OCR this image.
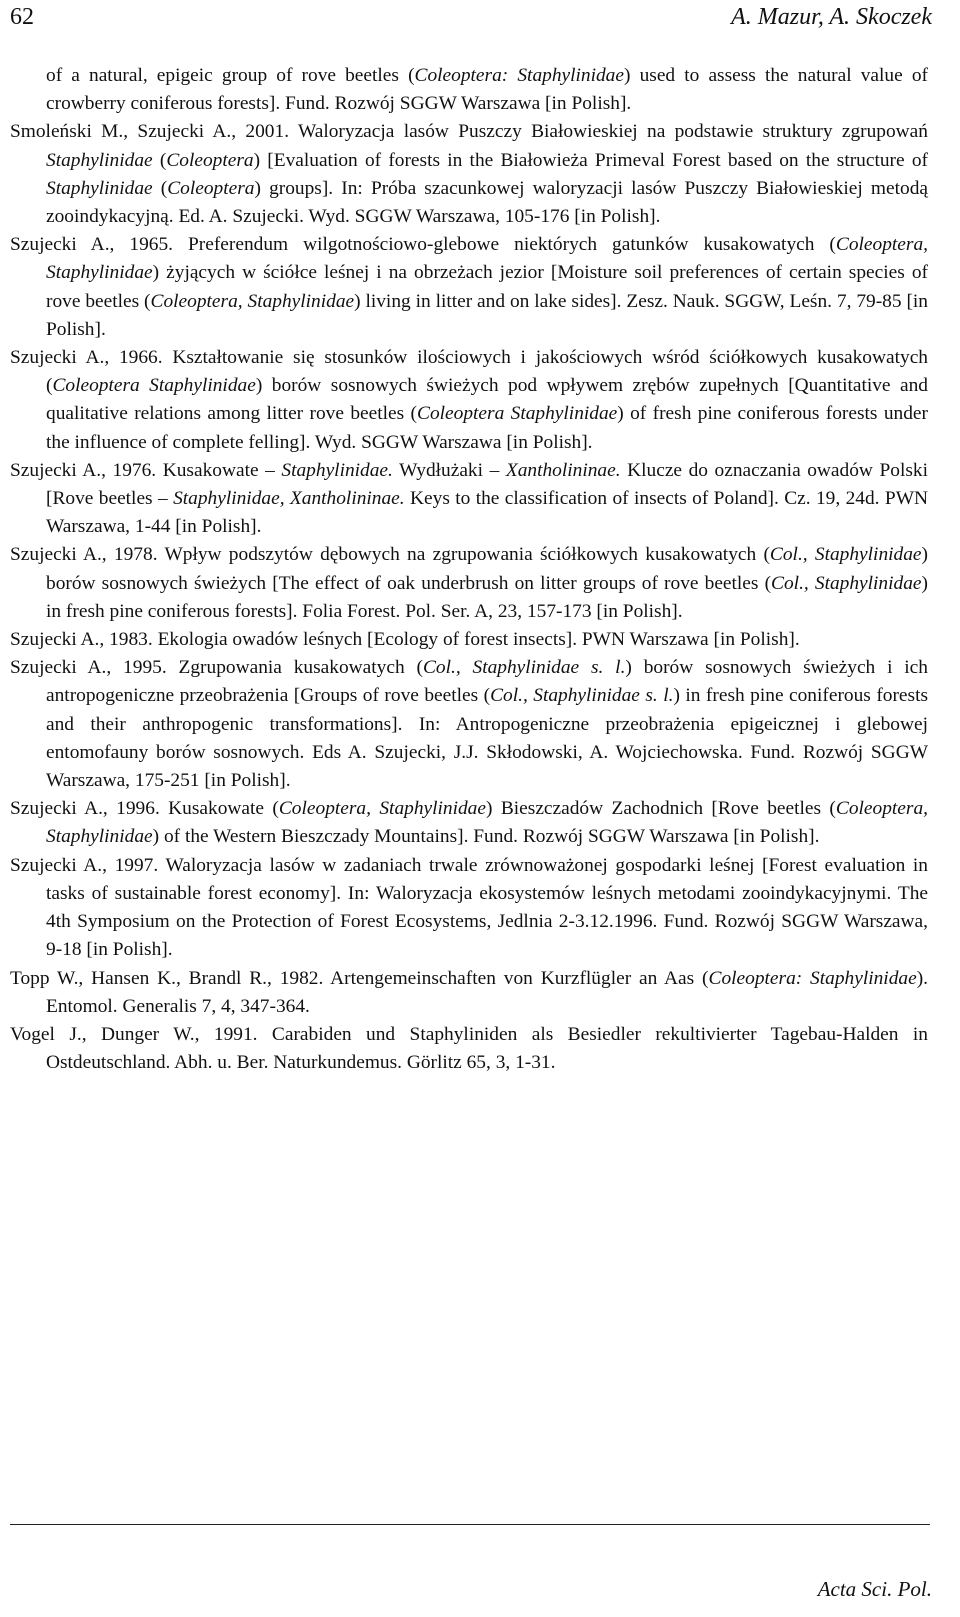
62	A. Mazur, A. Skoczek

of a natural, epigeic group of rove beetles (Coleoptera: Staphylinidae) used to assess the natural value of crowberry coniferous forests]. Fund. Rozwój SGGW Warszawa [in Polish].

Smoleński M., Szujecki A., 2001. Waloryzacja lasów Puszczy Białowieskiej na podstawie struktury zgrupowań Staphylinidae (Coleoptera) [Evaluation of forests in the Białowieża Primeval Forest based on the structure of Staphylinidae (Coleoptera) groups]. In: Próba szacunkowej waloryzacji lasów Puszczy Białowieskiej metodą zooindykacyjną. Ed. A. Szujecki. Wyd. SGGW Warszawa, 105-176 [in Polish].

Szujecki A., 1965. Preferendum wilgotnościowo-glebowe niektórych gatunków kusakowatych (Coleoptera, Staphylinidae) żyjących w ściółce leśnej i na obrzeżach jezior [Moisture soil preferences of certain species of rove beetles (Coleoptera, Staphylinidae) living in litter and on lake sides]. Zesz. Nauk. SGGW, Leśn. 7, 79-85 [in Polish].

Szujecki A., 1966. Kształtowanie się stosunków ilościowych i jakościowych wśród ściółkowych kusakowatych (Coleoptera Staphylinidae) borów sosnowych świeżych pod wpływem zrębów zupełnych [Quantitative and qualitative relations among litter rove beetles (Coleoptera Staphylinidae) of fresh pine coniferous forests under the influence of complete felling]. Wyd. SGGW Warszawa [in Polish].

Szujecki A., 1976. Kusakowate – Staphylinidae. Wydłużaki – Xantholininae. Klucze do oznaczania owadów Polski [Rove beetles – Staphylinidae, Xantholininae. Keys to the classification of insects of Poland]. Cz. 19, 24d. PWN Warszawa, 1-44 [in Polish].

Szujecki A., 1978. Wpływ podszytów dębowych na zgrupowania ściółkowych kusakowatych (Col., Staphylinidae) borów sosnowych świeżych [The effect of oak underbrush on litter groups of rove beetles (Col., Staphylinidae) in fresh pine coniferous forests]. Folia Forest. Pol. Ser. A, 23, 157-173 [in Polish].

Szujecki A., 1983. Ekologia owadów leśnych [Ecology of forest insects]. PWN Warszawa [in Polish].

Szujecki A., 1995. Zgrupowania kusakowatych (Col., Staphylinidae s. l.) borów sosnowych świeżych i ich antropogeniczne przeobrażenia [Groups of rove beetles (Col., Staphylinidae s. l.) in fresh pine coniferous forests and their anthropogenic transformations]. In: Antropogeniczne przeobrażenia epigeicznej i glebowej entomofauny borów sosnowych. Eds A. Szujecki, J.J. Skłodowski, A. Wojciechowska. Fund. Rozwój SGGW Warszawa, 175-251 [in Polish].

Szujecki A., 1996. Kusakowate (Coleoptera, Staphylinidae) Bieszczadów Zachodnich [Rove beetles (Coleoptera, Staphylinidae) of the Western Bieszczady Mountains]. Fund. Rozwój SGGW Warszawa [in Polish].

Szujecki A., 1997. Waloryzacja lasów w zadaniach trwale zrównoważonej gospodarki leśnej [Forest evaluation in tasks of sustainable forest economy]. In: Waloryzacja ekosystemów leśnych metodami zooindykacyjnymi. The 4th Symposium on the Protection of Forest Ecosystems, Jedlnia 2-3.12.1996. Fund. Rozwój SGGW Warszawa, 9-18 [in Polish].

Topp W., Hansen K., Brandl R., 1982. Artengemeinschaften von Kurzflügler an Aas (Coleoptera: Staphylinidae). Entomol. Generalis 7, 4, 347-364.

Vogel J., Dunger W., 1991. Carabiden und Staphyliniden als Besiedler rekultivierter Tagebau-Halden in Ostdeutschland. Abh. u. Ber. Naturkundemus. Görlitz 65, 3, 1-31.

Acta Sci. Pol.
